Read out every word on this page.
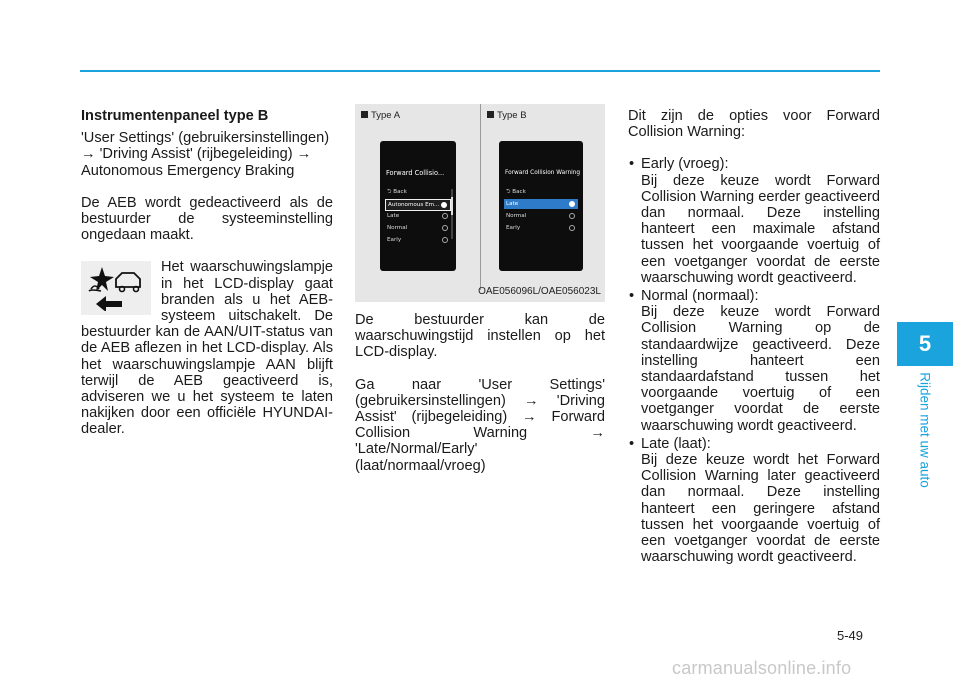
Instrumentenpaneel type B

'User Settings' (gebruikersinstellingen) → 'Driving Assist' (rijbegeleiding) → Autonomous Emergency Braking

De AEB wordt gedeactiveerd als de bestuurder de systeeminstelling ongedaan maakt.

Het waarschuwingslampje in het LCD-display gaat branden als u het AEB-systeem uitschakelt. De bestuurder kan de AAN/UIT-status van de AEB aflezen in het LCD-display. Als het waarschuwingslampje AAN blijft terwijl de AEB geactiveerd is, adviseren we u het systeem te laten nakijken door een officiële HYUNDAI-dealer.

Type A	Type B
Forward Collisio...
⮌ Back
Autonomous Em...
Late
Normal
Early
Forward Collision Warning
⮌ Back
Late
Normal
Early
OAE056096L/OAE056023L

De bestuurder kan de waarschuwingstijd instellen op het LCD-display.

Ga naar 'User Settings' (gebruikersinstellingen) → 'Driving Assist' (rijbegeleiding) → Forward Collision Warning → 'Late/Normal/Early' (laat/normaal/vroeg)

Dit zijn de opties voor Forward Collision Warning:

• Early (vroeg):

Bij deze keuze wordt Forward Collision Warning eerder geactiveerd dan normaal. Deze instelling hanteert een maximale afstand tussen het voorgaande voertuig of een voetganger voordat de eerste waarschuwing wordt geactiveerd.

• Normal (normaal):

Bij deze keuze wordt Forward Collision Warning op de standaardwijze geactiveerd. Deze instelling hanteert een standaardafstand tussen het voorgaande voertuig of een voetganger voordat de eerste waarschuwing wordt geactiveerd.

• Late (laat):

Bij deze keuze wordt het Forward Collision Warning later geactiveerd dan normaal. Deze instelling hanteert een geringere afstand tussen het voorgaande voertuig of een voetganger voordat de eerste waarschuwing wordt geactiveerd.

5
Rijden met uw auto
5-49
carmanualsonline.info
